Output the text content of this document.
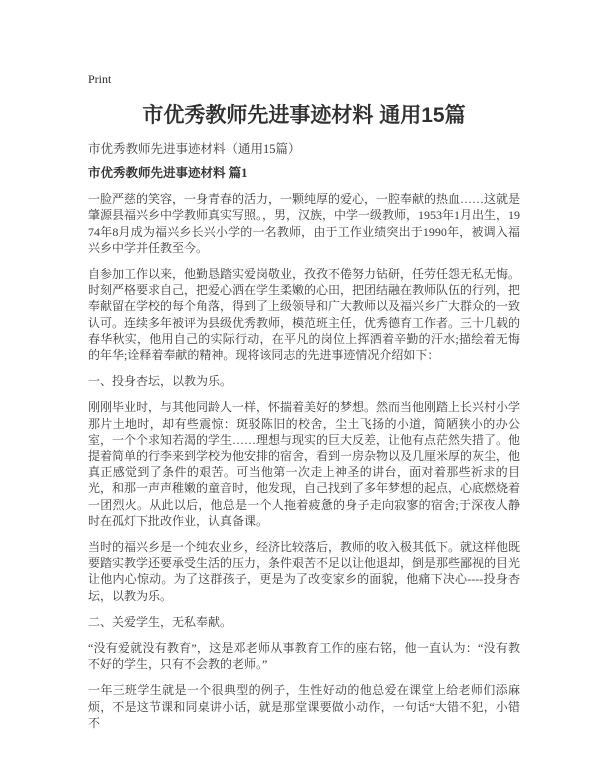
Print
市优秀教师先进事迹材料 通用15篇
市优秀教师先进事迹材料（通用15篇）
市优秀教师先进事迹材料 篇1
一脸严慈的笑容，一身青春的活力，一颗纯厚的爱心，一腔奉献的热血……这就是肇源县福兴乡中学教师真实写照。，男，汉族，中学一级教师，1953年1月出生，1974年8月成为福兴乡长兴小学的一名教师，由于工作业绩突出于1990年，被调入福兴乡中学并任教至今。
自参加工作以来，他勤恳踏实爱岗敬业，孜孜不倦努力钻研，任劳任怨无私无悔。时刻严格要求自己，把爱心洒在学生柔嫩的心田，把团结融在教师队伍的行列，把奉献留在学校的每个角落，得到了上级领导和广大教师以及福兴乡广大群众的一致认可。连续多年被评为县级优秀教师，模范班主任，优秀德育工作者。三十几载的春华秋实，他用自己的实际行动，在平凡的岗位上挥洒着辛勤的汗水;描绘着无悔的年华;诠释着奉献的精神。现将该同志的先进事迹情况介绍如下：
一、投身杏坛，以教为乐。
刚刚毕业时，与其他同龄人一样，怀揣着美好的梦想。然而当他刚踏上长兴村小学那片土地时，却有些震惊：斑驳陈旧的校舍，尘土飞扬的小道，简陋狭小的办公室，一个个求知若渴的学生……理想与现实的巨大反差，让他有点茫然失措了。他提着简单的行李来到学校为他安排的宿舍，看到一房杂物以及几厘米厚的灰尘，他真正感觉到了条件的艰苦。可当他第一次走上神圣的讲台，面对着那些祈求的目光，和那一声声稚嫩的童音时，他发现，自己找到了多年梦想的起点，心底燃烧着一团烈火。从此以后，他总是一个人拖着疲惫的身子走向寂寥的宿舍;于深夜人静时在孤灯下批改作业，认真备课。
当时的福兴乡是一个纯农业乡，经济比较落后，教师的收入极其低下。就这样他既要踏实教学还要承受生活的压力，条件艰苦不足以让他退却，倒是那些鄙视的目光让他内心惊动。为了这群孩子，更是为了改变家乡的面貌，他痛下决心----投身杏坛，以教为乐。
二、关爱学生，无私奉献。
“没有爱就没有教育”，这是邓老师从事教育工作的座右铭，他一直认为：“没有教不好的学生，只有不会教的老师。”
一年三班学生就是一个很典型的例子，生性好动的他总爱在课堂上给老师们添麻烦，不是这节课和同桌讲小话，就是那堂课要做小动作，一句话“大错不犯，小错不
